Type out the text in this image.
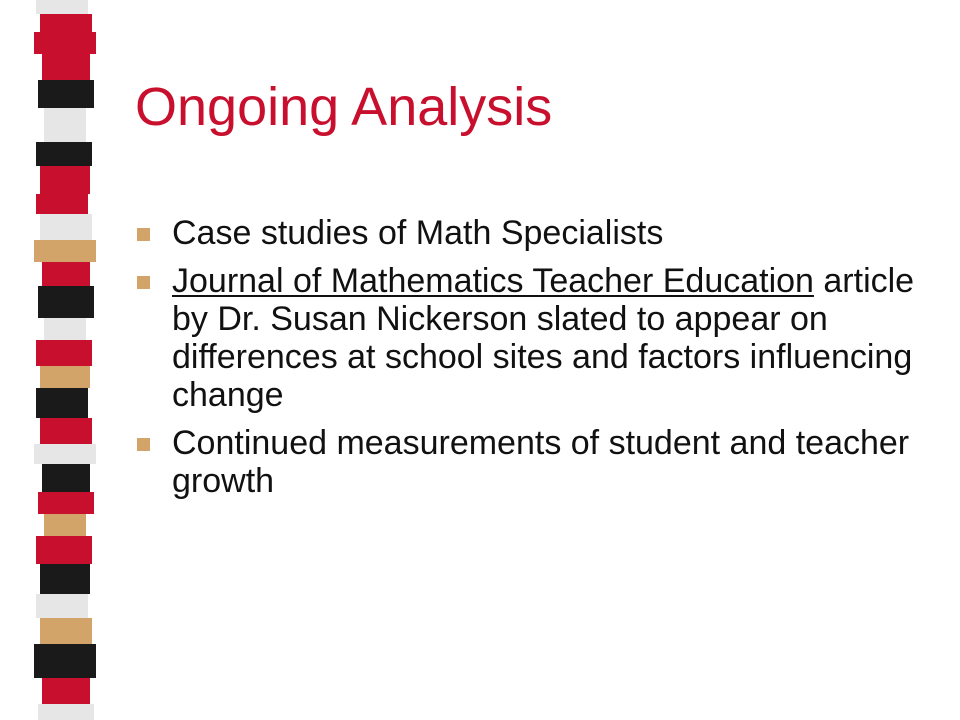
Ongoing Analysis
Case studies of Math Specialists
Journal of Mathematics Teacher Education article by Dr. Susan Nickerson slated to appear on differences at school sites and factors influencing change
Continued measurements of student and teacher growth
